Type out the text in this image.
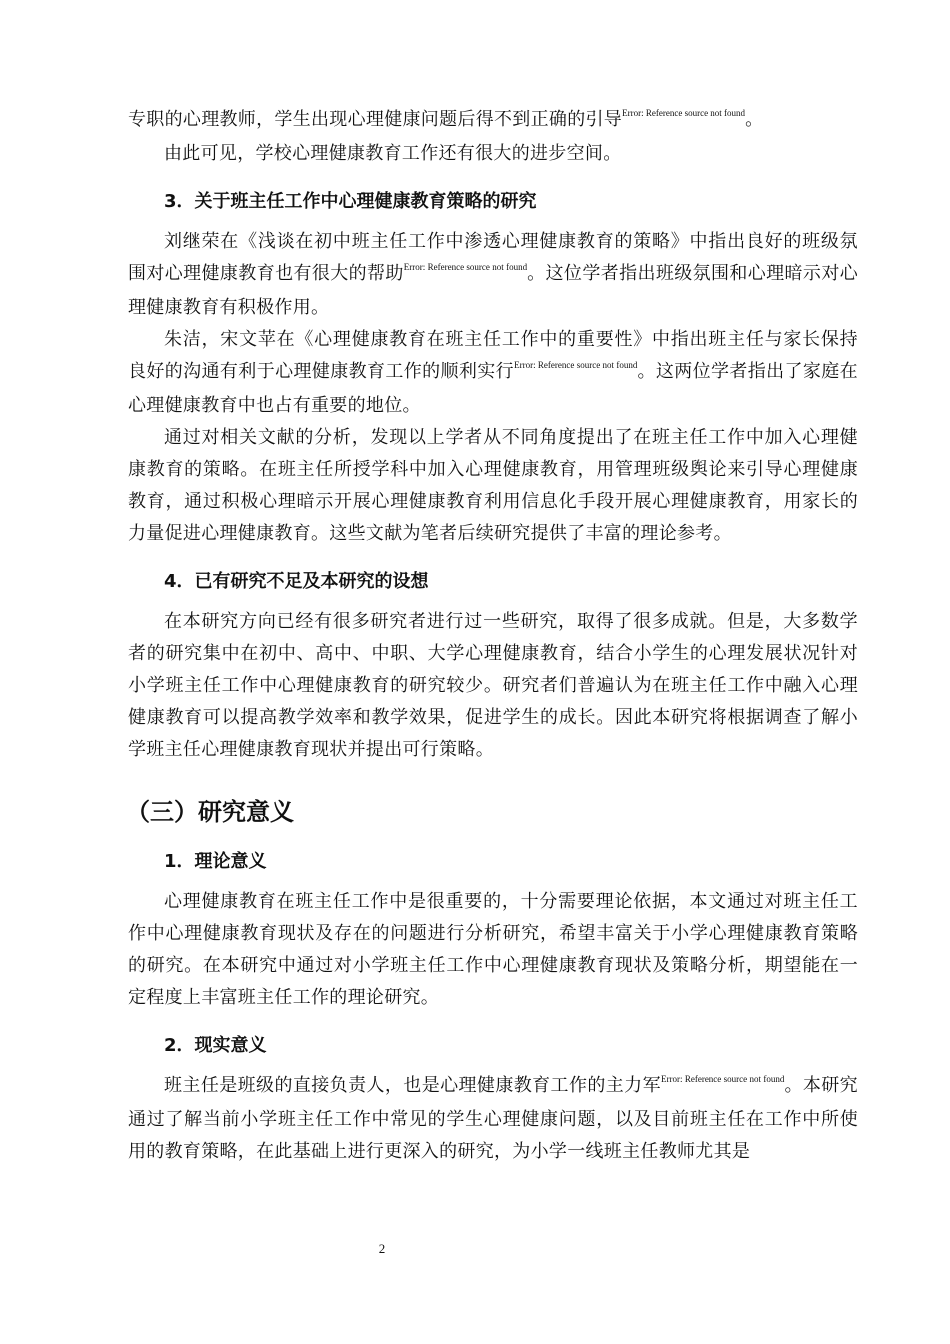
专职的心理教师，学生出现心理健康问题后得不到正确的引导$^{Error: Reference source not found}$。

由此可见，学校心理健康教育工作还有很大的进步空间。

3．关于班主任工作中心理健康教育策略的研究

刘继荣在《浅谈在初中班主任工作中渗透心理健康教育的策略》中指出良好的班级氛围对心理健康教育也有很大的帮助$^{Error: Reference source not found}$。这位学者指出班级氛围和心理暗示对心理健康教育有积极作用。

朱洁，宋文苹在《心理健康教育在班主任工作中的重要性》中指出班主任与家长保持良好的沟通有利于心理健康教育工作的顺利实行$^{Error: Reference source not found}$。这两位学者指出了家庭在心理健康教育中也占有重要的地位。

通过对相关文献的分析，发现以上学者从不同角度提出了在班主任工作中加入心理健康教育的策略。在班主任所授学科中加入心理健康教育，用管理班级舆论来引导心理健康教育，通过积极心理暗示开展心理健康教育利用信息化手段开展心理健康教育，用家长的力量促进心理健康教育。这些文献为笔者后续研究提供了丰富的理论参考。

4．已有研究不足及本研究的设想

在本研究方向已经有很多研究者进行过一些研究，取得了很多成就。但是，大多数学者的研究集中在初中、高中、中职、大学心理健康教育，结合小学生的心理发展状况针对小学班主任工作中心理健康教育的研究较少。研究者们普遍认为在班主任工作中融入心理健康教育可以提高教学效率和教学效果，促进学生的成长。因此本研究将根据调查了解小学班主任心理健康教育现状并提出可行策略。

（三）研究意义
1．理论意义

心理健康教育在班主任工作中是很重要的，十分需要理论依据，本文通过对班主任工作中心理健康教育现状及存在的问题进行分析研究，希望丰富关于小学心理健康教育策略的研究。在本研究中通过对小学班主任工作中心理健康教育现状及策略分析，期望能在一定程度上丰富班主任工作的理论研究。

2．现实意义

班主任是班级的直接负责人，也是心理健康教育工作的主力军$^{Error: Reference source not found}$。本研究通过了解当前小学班主任工作中常见的学生心理健康问题，以及目前班主任在工作中所使用的教育策略，在此基础上进行更深入的研究，为小学一线班主任教师尤其是

2
